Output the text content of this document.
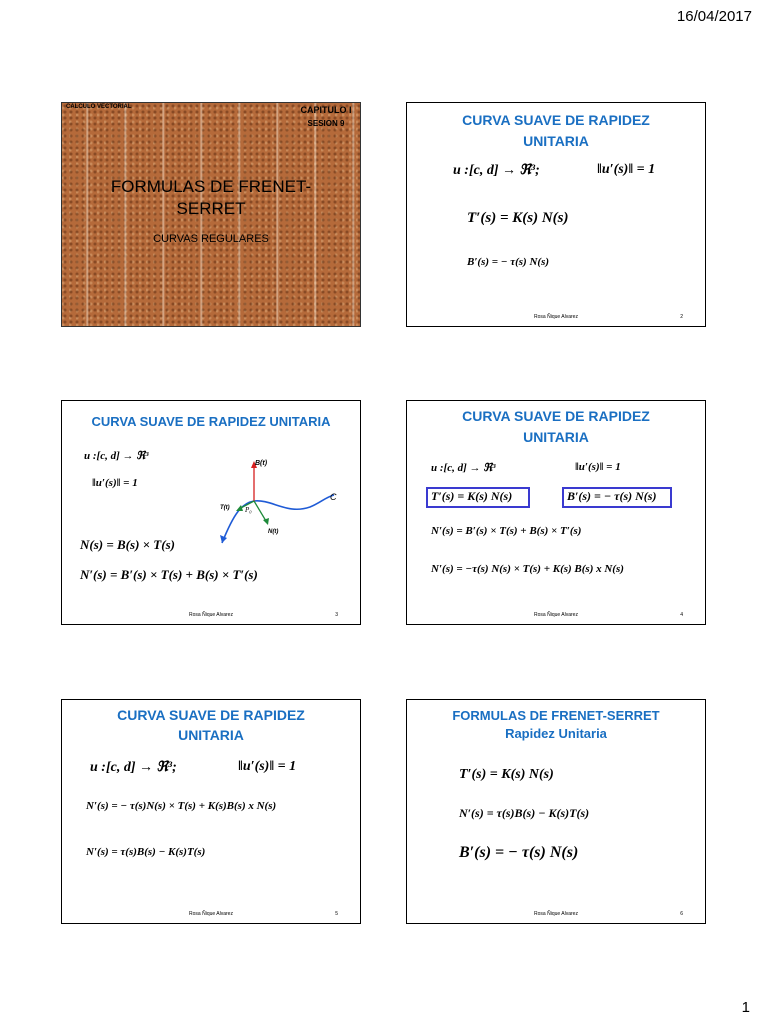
16/04/2017
CALCULO VECTORIAL	CAPITULO I
SESION 9
FORMULAS DE FRENET-
SERRET
CURVAS REGULARES
CURVA SUAVE DE RAPIDEZ
UNITARIA
u :[c, d] → ℜ³;	‖u′(s)‖ = 1
T′(s) = K(s) N(s)
B′(s) = − τ(s) N(s)
Rosa Ñique Alvarez	2
CURVA SUAVE DE RAPIDEZ UNITARIA
u :[c, d] → ℜ³
‖u′(s)‖ = 1
B(t)
T(t)
N(t)
P₀
C
N(s) = B(s) × T(s)
N′(s) = B′(s) × T(s) + B(s) × T′(s)
Rosa Ñique Alvarez	3
CURVA SUAVE DE RAPIDEZ
UNITARIA
u :[c, d] → ℜ³	‖u′(s)‖ = 1
T′(s) = K(s) N(s)	B′(s) = − τ(s) N(s)
N′(s) = B′(s) × T(s) + B(s) × T′(s)
N′(s) = −τ(s) N(s) × T(s) + K(s) B(s) x N(s)
Rosa Ñique Alvarez	4
CURVA SUAVE DE RAPIDEZ
UNITARIA
u :[c, d] → ℜ³;	‖u′(s)‖ = 1
N′(s) = − τ(s)N(s) × T(s) + K(s)B(s) x N(s)
N′(s) = τ(s)B(s) − K(s)T(s)
Rosa Ñique Alvarez	5
FORMULAS DE FRENET-SERRET
Rapidez Unitaria
T′(s) = K(s) N(s)
N′(s) = τ(s)B(s) − K(s)T(s)
B′(s) = − τ(s) N(s)
Rosa Ñique Alvarez	6
1
